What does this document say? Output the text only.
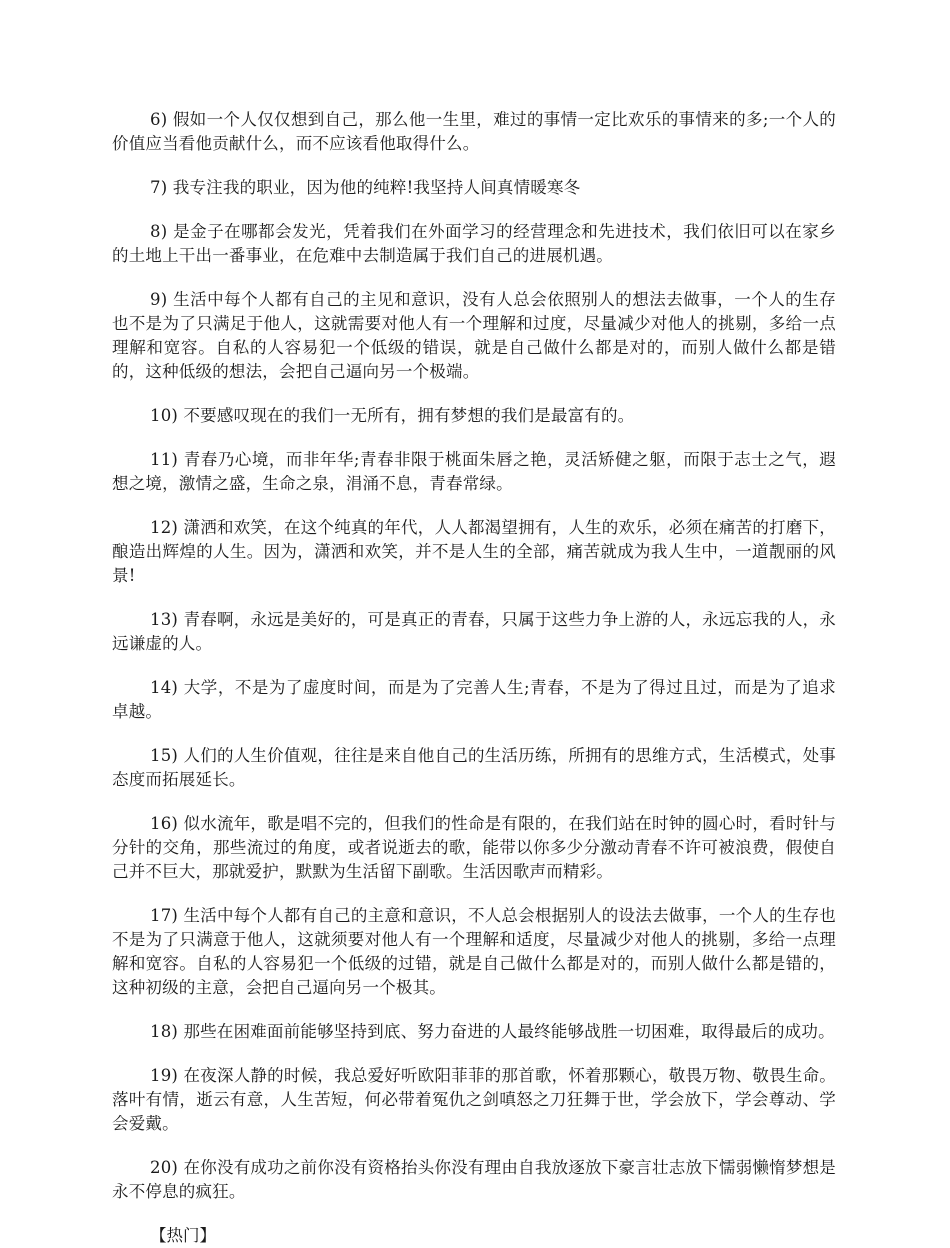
6) 假如一个人仅仅想到自己，那么他一生里，难过的事情一定比欢乐的事情来的多;一个人的价值应当看他贡献什么，而不应该看他取得什么。

7) 我专注我的职业，因为他的纯粹!我坚持人间真情暖寒冬

8) 是金子在哪都会发光，凭着我们在外面学习的经营理念和先进技术，我们依旧可以在家乡的土地上干出一番事业，在危难中去制造属于我们自己的进展机遇。

9) 生活中每个人都有自己的主见和意识，没有人总会依照别人的想法去做事，一个人的生存也不是为了只满足于他人，这就需要对他人有一个理解和过度，尽量减少对他人的挑剔，多给一点理解和宽容。自私的人容易犯一个低级的错误，就是自己做什么都是对的，而别人做什么都是错的，这种低级的想法，会把自己逼向另一个极端。

10) 不要感叹现在的我们一无所有，拥有梦想的我们是最富有的。

11) 青春乃心境，而非年华;青春非限于桃面朱唇之艳，灵活矫健之躯，而限于志士之气，遐想之境，激情之盛，生命之泉，涓涌不息，青春常绿。

12) 潇洒和欢笑，在这个纯真的年代，人人都渴望拥有，人生的欢乐，必须在痛苦的打磨下，酿造出辉煌的人生。因为，潇洒和欢笑，并不是人生的全部，痛苦就成为我人生中，一道靓丽的风景!

13) 青春啊，永远是美好的，可是真正的青春，只属于这些力争上游的人，永远忘我的人，永远谦虚的人。

14) 大学，不是为了虚度时间，而是为了完善人生;青春，不是为了得过且过，而是为了追求卓越。

15) 人们的人生价值观，往往是来自他自己的生活历练，所拥有的思维方式，生活模式，处事态度而拓展延长。

16) 似水流年，歌是唱不完的，但我们的性命是有限的，在我们站在时钟的圆心时，看时针与分针的交角，那些流过的角度，或者说逝去的歌，能带以你多少分激动青春不许可被浪费，假使自己并不巨大，那就爱护，默默为生活留下副歌。生活因歌声而精彩。

17) 生活中每个人都有自己的主意和意识，不人总会根据别人的设法去做事，一个人的生存也不是为了只满意于他人，这就须要对他人有一个理解和适度，尽量减少对他人的挑剔，多给一点理解和宽容。自私的人容易犯一个低级的过错，就是自己做什么都是对的，而别人做什么都是错的，这种初级的主意，会把自己逼向另一个极其。

18) 那些在困难面前能够坚持到底、努力奋进的人最终能够战胜一切困难，取得最后的成功。

19) 在夜深人静的时候，我总爱好听欧阳菲菲的那首歌，怀着那颗心，敬畏万物、敬畏生命。落叶有情，逝云有意，人生苦短，何必带着冤仇之剑嗔怒之刀狂舞于世，学会放下，学会尊动、学会爱戴。

20) 在你没有成功之前你没有资格抬头你没有理由自我放逐放下豪言壮志放下懦弱懒惰梦想是永不停息的疯狂。

【热门】
